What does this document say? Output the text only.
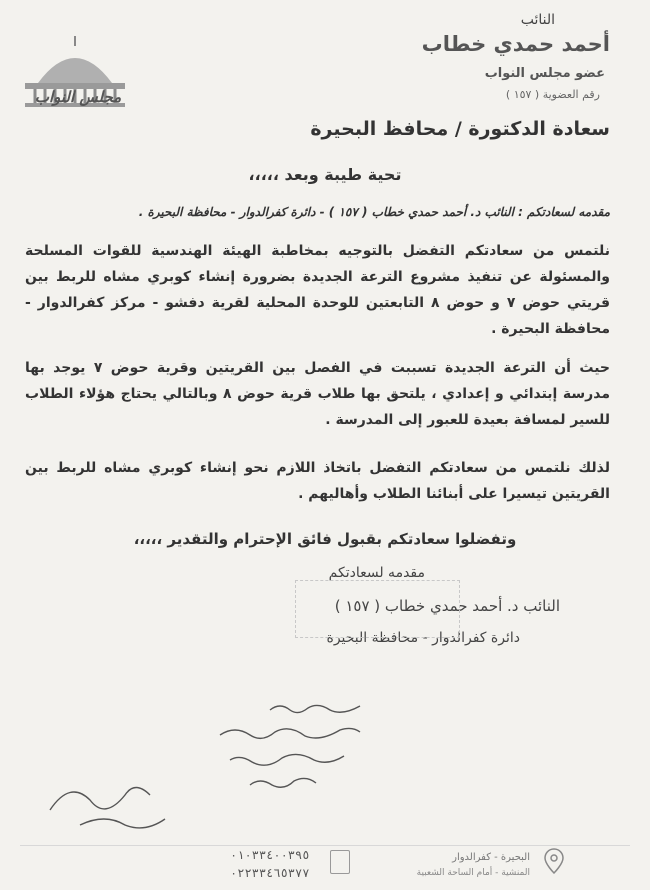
النائب
أحمد حمدي خطاب
عضو مجلس النواب
رقم العضوية ( ١٥٧ )
مجلس النواب
سعادة الدكتورة / محافظ البحيرة
تحية طيبة وبعد ،،،،،
مقدمه لسعادتكم : النائب د. أحمد حمدي خطاب ( ١٥٧ ) - دائرة كفرالدوار - محافظة البحيرة .
نلتمس من سعادتكم التفضل بالتوجيه بمخاطبة الهيئة الهندسية للقوات المسلحة والمسئولة عن تنفيذ مشروع الترعة الجديدة بضرورة إنشاء كوبري مشاه للربط بين قريتي حوض ٧ و حوض ٨ التابعتين للوحدة المحلية لقرية دفشو - مركز كفرالدوار - محافظة البحيرة .
حيث أن الترعة الجديدة تسببت في الفصل بين القريتين وقرية حوض ٧ يوجد بها مدرسة إبتدائي و إعدادي ، يلتحق بها طلاب قرية حوض ٨ وبالتالي يحتاج هؤلاء الطلاب للسير لمسافة بعيدة للعبور إلى المدرسة .
لذلك نلتمس من سعادتكم التفضل باتخاذ اللازم نحو إنشاء كوبري مشاه للربط بين القريتين تيسيرا على أبنائنا الطلاب وأهاليهم .
وتفضلوا سعادتكم بقبول فائق الإحترام والتقدير ،،،،،
مقدمه لسعادتكم
النائب د. أحمد حمدي خطاب ( ١٥٧ )
دائرة كفرالدوار - محافظة البحيرة
٠١٠٣٣٤٠٠٣٩٥
٠٢٢٣٣٤٦٥٣٧٧
البحيرة - كفرالدوار
المنشية - أمام الساحة الشعبية
